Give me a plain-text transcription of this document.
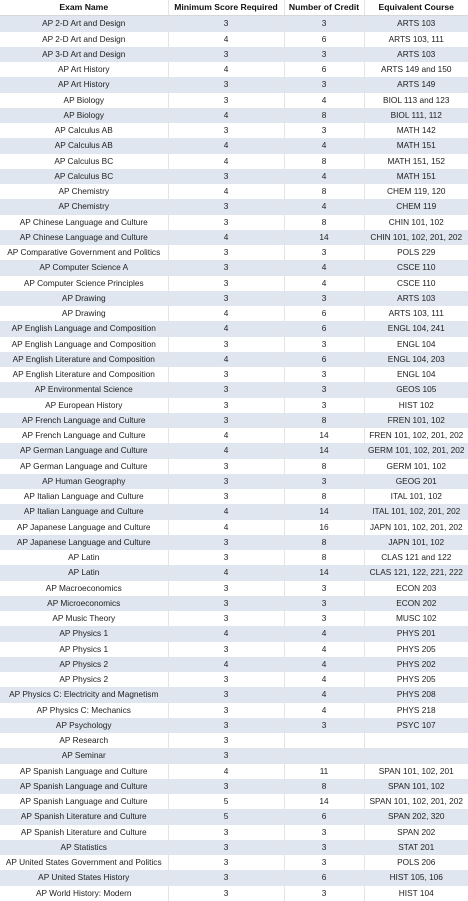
Exam Name	Minimum Score Required	Number of Credit	Equivalent Course
AP 2-D Art and Design	3	3	ARTS 103
AP 2-D Art and Design	4	6	ARTS 103, 111
AP 3-D Art and Design	3	3	ARTS 103
AP Art History	4	6	ARTS 149 and 150
AP Art History	3	3	ARTS 149
AP Biology	3	4	BIOL 113 and 123
AP Biology	4	8	BIOL 111, 112
AP Calculus AB	3	3	MATH 142
AP Calculus AB	4	4	MATH 151
AP Calculus BC	4	8	MATH 151, 152
AP Calculus BC	3	4	MATH 151
AP Chemistry	4	8	CHEM 119, 120
AP Chemistry	3	4	CHEM 119
AP Chinese Language and Culture	3	8	CHIN 101, 102
AP Chinese Language and Culture	4	14	CHIN 101, 102, 201, 202
AP Comparative Government and Politics	3	3	POLS 229
AP Computer Science A	3	4	CSCE 110
AP Computer Science Principles	3	4	CSCE 110
AP Drawing	3	3	ARTS 103
AP Drawing	4	6	ARTS 103, 111
AP English Language and Composition	4	6	ENGL 104, 241
AP English Language and Composition	3	3	ENGL 104
AP English Literature and Composition	4	6	ENGL 104, 203
AP English Literature and Composition	3	3	ENGL 104
AP Environmental Science	3	3	GEOS 105
AP European History	3	3	HIST 102
AP French Language and Culture	3	8	FREN 101, 102
AP French Language and Culture	4	14	FREN 101, 102, 201, 202
AP German Language and Culture	4	14	GERM 101, 102, 201, 202
AP German Language and Culture	3	8	GERM 101, 102
AP Human Geography	3	3	GEOG 201
AP Italian Language and Culture	3	8	ITAL 101, 102
AP Italian Language and Culture	4	14	ITAL 101, 102, 201, 202
AP Japanese Language and Culture	4	16	JAPN 101, 102, 201, 202
AP Japanese Language and Culture	3	8	JAPN 101, 102
AP Latin	3	8	CLAS 121 and 122
AP Latin	4	14	CLAS 121, 122, 221, 222
AP Macroeconomics	3	3	ECON 203
AP Microeconomics	3	3	ECON 202
AP Music Theory	3	3	MUSC 102
AP Physics 1	4	4	PHYS 201
AP Physics 1	3	4	PHYS 205
AP Physics 2	4	4	PHYS 202
AP Physics 2	3	4	PHYS 205
AP Physics C: Electricity and Magnetism	3	4	PHYS 208
AP Physics C: Mechanics	3	4	PHYS 218
AP Psychology	3	3	PSYC 107
AP Research	3		
AP Seminar	3		
AP Spanish Language and Culture	4	11	SPAN 101, 102, 201
AP Spanish Language and Culture	3	8	SPAN 101, 102
AP Spanish Language and Culture	5	14	SPAN 101, 102, 201, 202
AP Spanish Literature and Culture	5	6	SPAN 202, 320
AP Spanish Literature and Culture	3	3	SPAN 202
AP Statistics	3	3	STAT 201
AP United States Government and Politics	3	3	POLS 206
AP United States History	3	6	HIST 105, 106
AP World History: Modern	3	3	HIST 104
